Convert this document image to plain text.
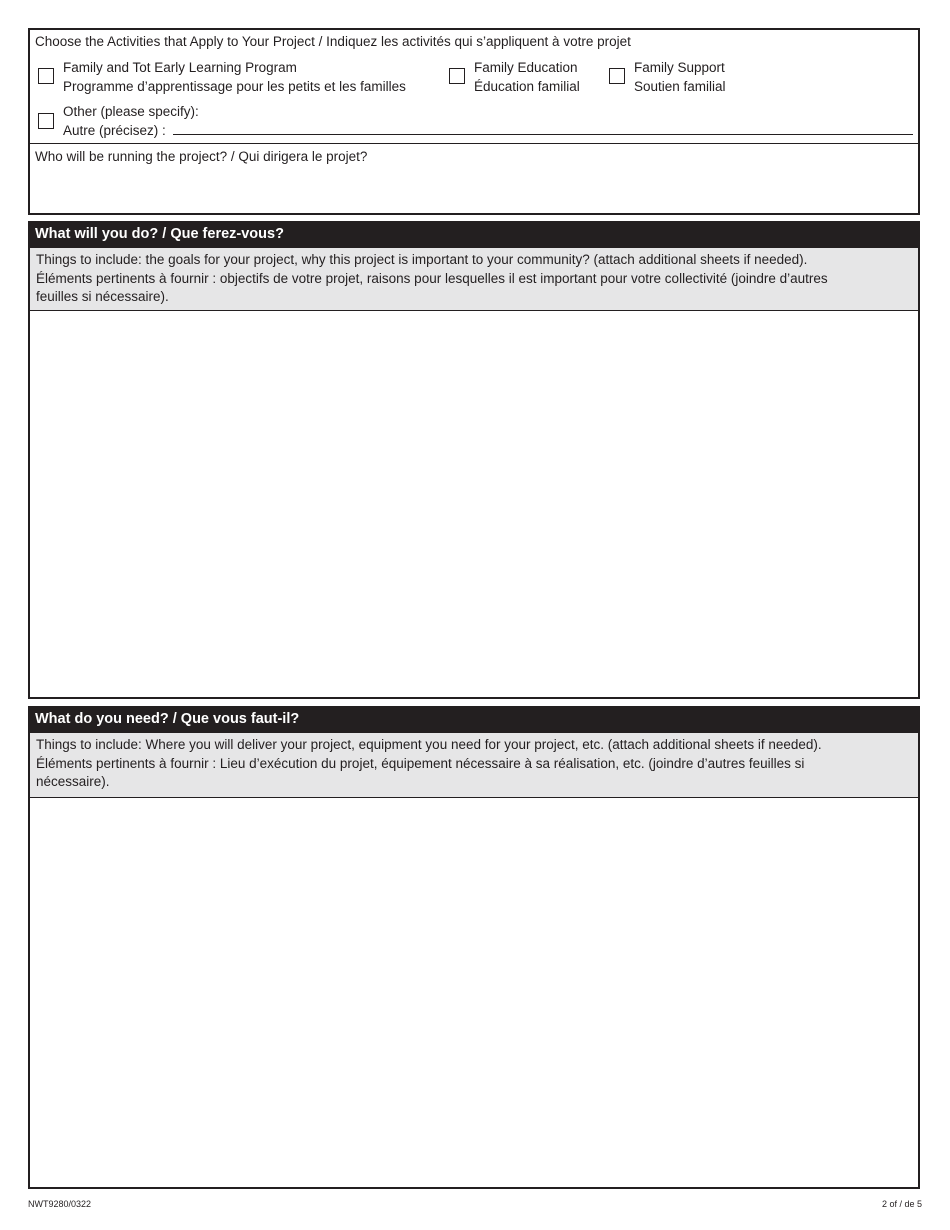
Choose the Activities that Apply to Your Project / Indiquez les activités qui s’appliquent à votre projet
Family and Tot Early Learning Program
Programme d’apprentissage pour les petits et les familles
Family Education
Éducation familial
Family Support
Soutien familial
Other (please specify):
Autre (précisez) :
Who will be running the project? / Qui dirigera le projet?
What will you do? / Que ferez-vous?
Things to include: the goals for your project, why this project is important to your community? (attach additional sheets if needed).
Éléments pertinents à fournir : objectifs de votre projet, raisons pour lesquelles il est important pour votre collectivité (joindre d’autres
feuilles si nécessaire).
What do you need? / Que vous faut-il?
Things to include: Where you will deliver your project, equipment you need for your project, etc. (attach additional sheets if needed).
Éléments pertinents à fournir : Lieu d’exécution du projet, équipement nécessaire à sa réalisation, etc. (joindre d’autres feuilles si
nécessaire).
NWT9280/0322	2 of / de 5
